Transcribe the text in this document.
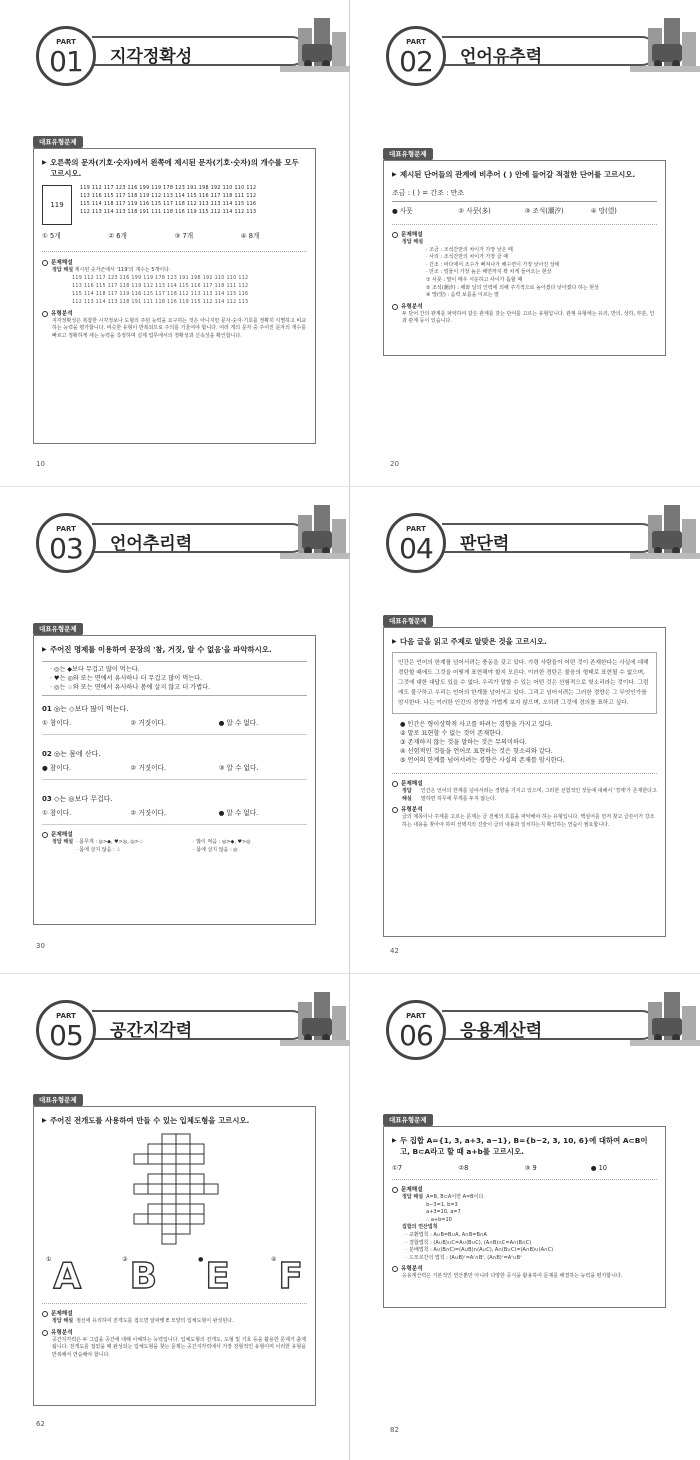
PART
01	지각정확성
대표유형문제
▶ 오른쪽의 문자(기호·숫자)에서 왼쪽에 제시된 문자(기호·숫자)의 개수를 모두 고르시오.
119
119 112 117 123 116 199 119 178 123 191 198 192 110 110 112
113 116 115 117 118 119 112 113 114 115 116 117 118 111 112
115 114 118 117 119 116 115 117 118 112 113 113 114 115 116
112 113 114 113 118 191 111 118 116 119 115 112 114 112 113
① 5개	② 6개	③ 7개	④ 8개
문제해설
정답 해설 제시된 숫자군에서 '119'의 개수는 5개이다.
119 112 117 123 116 199 119 178 123 191 198 192 110 110 112
113 116 115 117 118 119 112 113 114 115 116 117 118 111 112
115 114 118 117 119 116 115 117 118 112 113 113 114 115 116
112 113 114 113 118 191 111 118 116 119 115 112 114 112 113
유형분석
지각정확성은 복잡한 시각정보나 도형의 주된 능력을 요구하는 것은 아니지만 문자·숫자·기호를 정확히 식별하고 비교하는 능력을 평가합니다. 비슷한 유형이 반복되므로 주의를 기울여야 합니다. 여러 개의 문자 중 주어진 문자의 개수를 빠르고 정확하게 세는 능력을 측정하며 실제 업무에서의 정확성과 신속성을 확인합니다.
10
PART
02	언어유추력
대표유형문제
▶ 제시된 단어들의 관계에 비추어 ( ) 안에 들어갈 적절한 단어를 고르시오.
조금 : ( ) = 간조 : 만조
● 사뭇	② 사뭇(多)	③ 조석(潮汐)	④ 망(望)
문제해설
정답 해설
· 조금 : 조석간만의 차이가 가장 낮은 때
· 사리 : 조석간만의 차이가 가장 클 때
· 간조 : 바다에서 조수가 빠져나가 해수면이 가장 낮아진 상태
· 만조 : 밀물이 가장 높은 해면까지 꽉 차게 들어오는 현상
① 사뭇 : 말이 매우 서운하고 사이가 뜸할 때
② 조석(潮汐) : 해와 달의 인력에 의해 주기적으로 높아졌다 낮아졌다 하는 현상
④ 망(望) : 음력 보름을 이르는 말
유형분석
두 단어 간의 관계를 파악하여 같은 관계를 갖는 단어를 고르는 유형입니다. 관계 유형에는 유의, 반의, 상하, 부분, 인과 관계 등이 있습니다.
20
PART
03	언어추리력
대표유형문제
▶ 주어진 명제를 이용하여 문장의 '참, 거짓, 알 수 없음'을 파악하시오.
· ◎는 ◆보다 무겁고 많이 먹는다.
· ♥는 ◎와 또는 면에서 유사하나 더 무겁고 많이 먹는다.
· ◎는 ♤와 또는 면에서 유사하나 몸에 살지 않고 더 가볍다.
01 ◎는 ◇보다 많이 먹는다.
① 참이다.	② 거짓이다.	● 알 수 없다.
02 ◎는 몸에 산다.
● 참이다.	② 거짓이다.	③ 알 수 없다.
03 ◇는 ◎보다 무겁다.
① 참이다.	② 거짓이다.	● 알 수 없다.
문제해설
정답 해설 · 몸무게 : ◎>◆, ♥>◎, ◎>♤
· 몸에 살지 않음 : ♤
· 많이 먹음 : ◎>◆, ♥>◎
· 몸에 살지 않음 : ◎
30
PART
04	판단력
대표유형문제
▶ 다음 글을 읽고 주제로 알맞은 것을 고르시오.
인간은 언어의 한계를 넘어서려는 충동을 갖고 있다. 가령 사람들이 어떤 것이 존재한다는 사실에 대해 경탄할 때에도 그것을 어떻게 표현해야 할지 모른다. 이러한 경탄은 물음의 형태로 표현될 수 없으며, 그것에 대한 대답도 있을 수 없다. 우리가 말할 수 있는 어떤 것은 선험적으로 헛소리라는 것이다. 그럼에도 불구하고 우리는 언어의 한계를 넘어서고 있다. 그리고 넘어서려는 그러한 경향은 그 무엇인가를 암시한다. 나는 이러한 인간의 경향을 가볍게 보지 않으며, 오히려 그것에 경의를 표하고 싶다.
● 인간은 형이상학적 사고를 하려는 경향을 가지고 있다.
② 말로 표현할 수 없는 것이 존재한다.
③ 존재하지 않는 것을 말하는 것은 무의미하다.
④ 선험적인 것들을 언어로 표현하는 것은 헛소리와 같다.
⑤ 언어의 한계를 넘어서려는 경향은 사실의 존재를 암시한다.
문제해설
정답 해설
인간은 언어의 한계를 넘어서려는 경향을 가지고 있으며, 그러한 선험적인 것들에 대해서 '경계'가 존재한다고 말하면 허무에 무게를 두지 않는다.
유형분석
글의 제목이나 주제를 고르는 문제는 글 전체의 흐름을 파악해야 하는 유형입니다. 핵심어를 먼저 찾고 글쓴이가 강조하는 내용을 찾아야 하며 선택지의 진술이 글의 내용과 일치하는지 확인하는 연습이 필요합니다.
42
PART
05	공간지각력
대표유형문제
▶ 주어진 전개도를 사용하여 만들 수 있는 입체도형을 고르시오.
① A	② B	● E	④ F
문제해설
정답 해설 점선에 유의하여 전개도를 접으면 알파벳 E 모양의 입체도형이 완성된다.
유형분석
공간지각력은 두 그림을 공간에 대해 이해하는 능력입니다. 입체도형의 전개도, 도형 및 기호 등을 활용한 문제가 출제됩니다. 전개도를 접었을 때 완성되는 입체도형을 찾는 문제는 공간지각력에서 가장 전형적인 유형이며 이러한 유형을 반복해서 연습해야 합니다.
62
PART
06	응용계산력
대표유형문제
▶ 두 집합 A={1, 3, a+3, a−1}, B={b−2, 3, 10, 6}에 대하여 A⊂B이고, B⊂A라고 할 때 a+b를 고르시오.
①7	②8	③ 9	● 10
문제해설
정답 해설 A=B, B⊂A이면 A=B이다.
b−3=1, b=3
a+3=10, a=7
∴ a+b=10
집합의 연산법칙
· 교환법칙 : A∪B=B∪A, A∩B=B∩A
· 결합법칙 : (A∪B)∪C=A∪(B∪C), (A∩B)∩C=A∩(B∩C)
· 분배법칙 : A∪(B∩C)=(A∪B)∩(A∪C), A∩(B∪C)=(A∩B)∪(A∩C)
· 드모르간의 법칙 : (A∪B)ᶜ=Aᶜ∩Bᶜ, (A∩B)ᶜ=Aᶜ∪Bᶜ
유형분석
응용계산력은 기본적인 연산뿐만 아니라 다양한 공식을 활용하여 문제를 해결하는 능력을 평가합니다.
82
